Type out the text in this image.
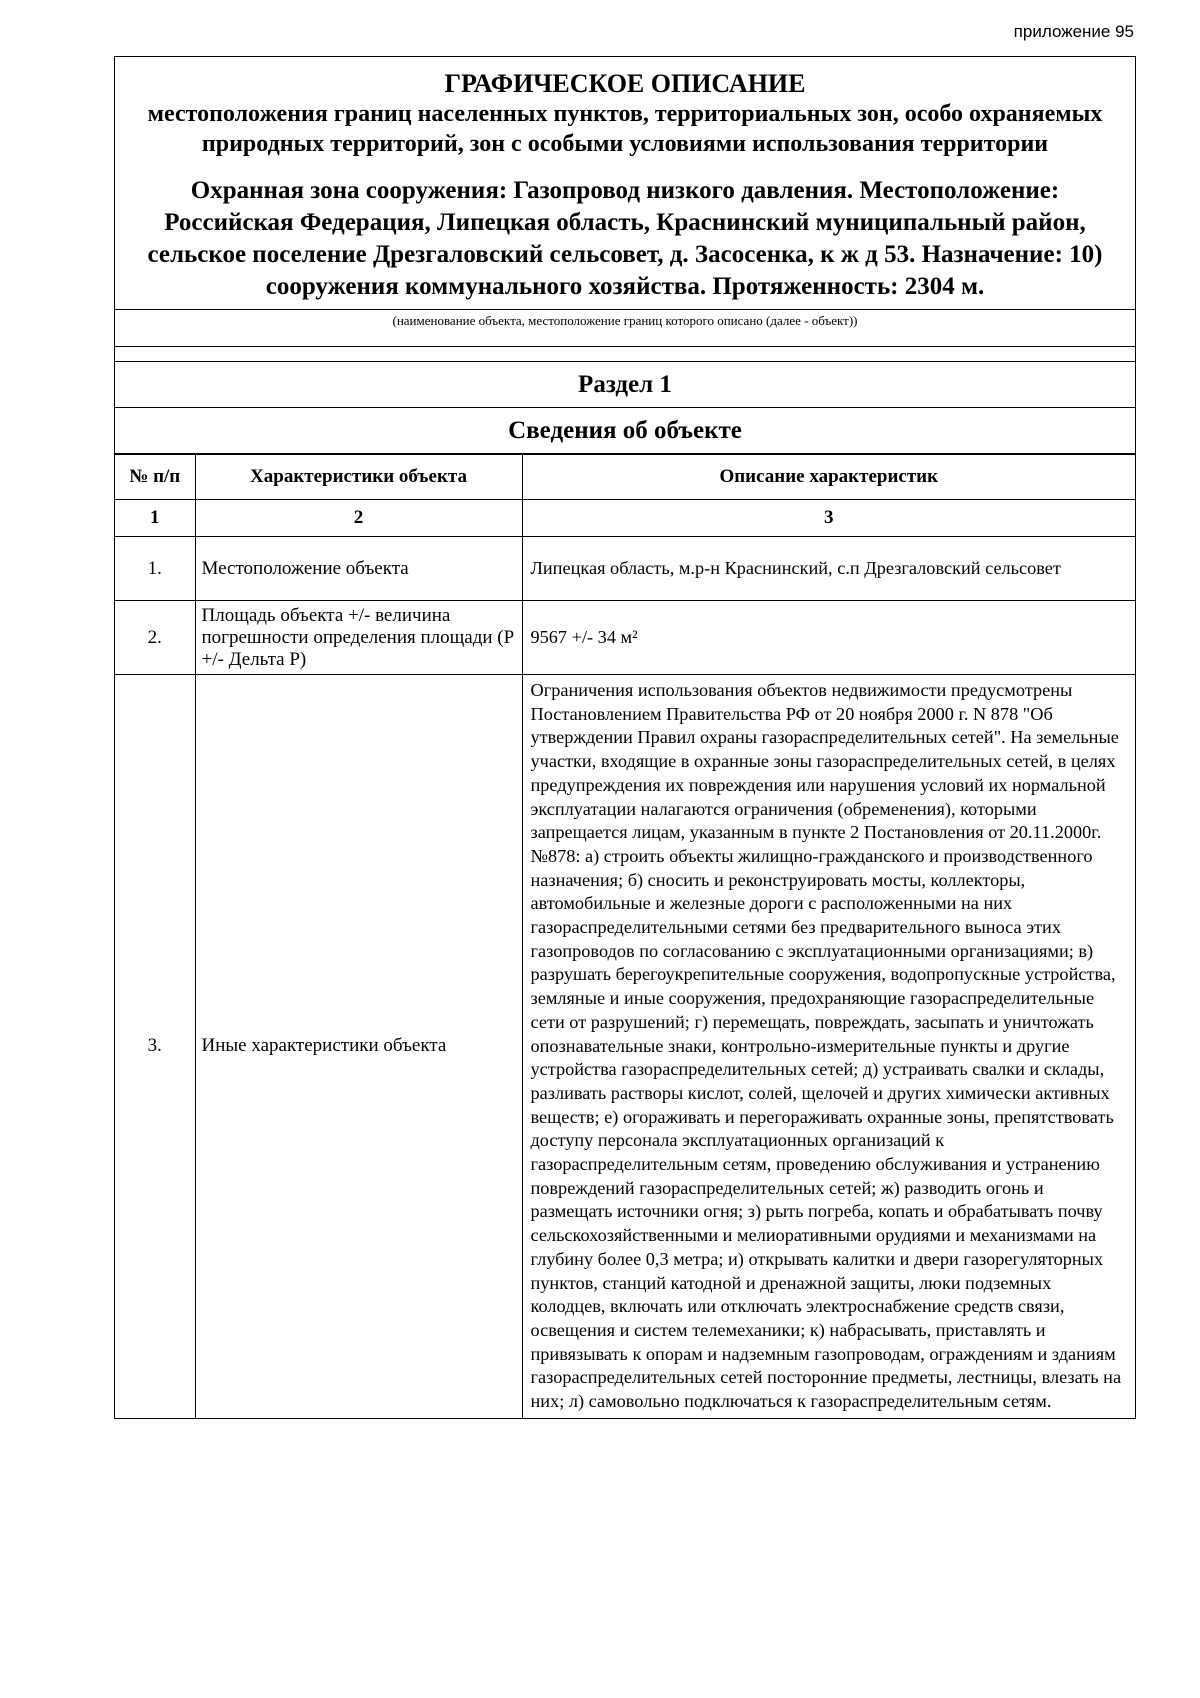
приложение 95
ГРАФИЧЕСКОЕ ОПИСАНИЕ
местоположения границ населенных пунктов, территориальных зон, особо охраняемых природных территорий, зон с особыми условиями использования территории
Охранная зона сооружения: Газопровод низкого давления. Местоположение: Российская Федерация, Липецкая область, Краснинский муниципальный район, сельское поселение Дрезгаловский сельсовет, д. Засосенка, к ж д 53. Назначение: 10) сооружения коммунального хозяйства. Протяженность: 2304 м.
(наименование объекта, местоположение границ которого описано (далее - объект))
Раздел 1
Сведения об объекте
№ п/п	Характеристики объекта	Описание характеристик
1	2	3
1.	Местоположение объекта	Липецкая область, м.р-н Краснинский, с.п Дрезгаловский сельсовет
2.	Площадь объекта +/- величина погрешности определения площади (Р +/- Дельта Р)	9567 +/- 34 м²
3.	Иные характеристики объекта	Ограничения использования объектов недвижимости предусмотрены Постановлением Правительства РФ от 20 ноября 2000 г. N 878 "Об утверждении Правил охраны газораспределительных сетей". На земельные участки, входящие в охранные зоны газораспределительных сетей, в целях предупреждения их повреждения или нарушения условий их нормальной эксплуатации налагаются ограничения (обременения), которыми запрещается лицам, указанным в пункте 2 Постановления от 20.11.2000г. №878: а) строить объекты жилищно-гражданского и производственного назначения; б) сносить и реконструировать мосты, коллекторы, автомобильные и железные дороги с расположенными на них газораспределительными сетями без предварительного выноса этих газопроводов по согласованию с эксплуатационными организациями; в) разрушать берегоукрепительные сооружения, водопропускные устройства, земляные и иные сооружения, предохраняющие газораспределительные сети от разрушений; г) перемещать, повреждать, засыпать и уничтожать опознавательные знаки, контрольно-измерительные пункты и другие устройства газораспределительных сетей; д) устраивать свалки и склады, разливать растворы кислот, солей, щелочей и других химически активных веществ; е) огораживать и перегораживать охранные зоны, препятствовать доступу персонала эксплуатационных организаций к газораспределительным сетям, проведению обслуживания и устранению повреждений газораспределительных сетей; ж) разводить огонь и размещать источники огня; з) рыть погреба, копать и обрабатывать почву сельскохозяйственными и мелиоративными орудиями и механизмами на глубину более 0,3 метра; и) открывать калитки и двери газорегуляторных пунктов, станций катодной и дренажной защиты, люки подземных колодцев, включать или отключать электроснабжение средств связи, освещения и систем телемеханики; к) набрасывать, приставлять и привязывать к опорам и надземным газопроводам, ограждениям и зданиям газораспределительных сетей посторонние предметы, лестницы, влезать на них; л) самовольно подключаться к газораспределительным сетям.
